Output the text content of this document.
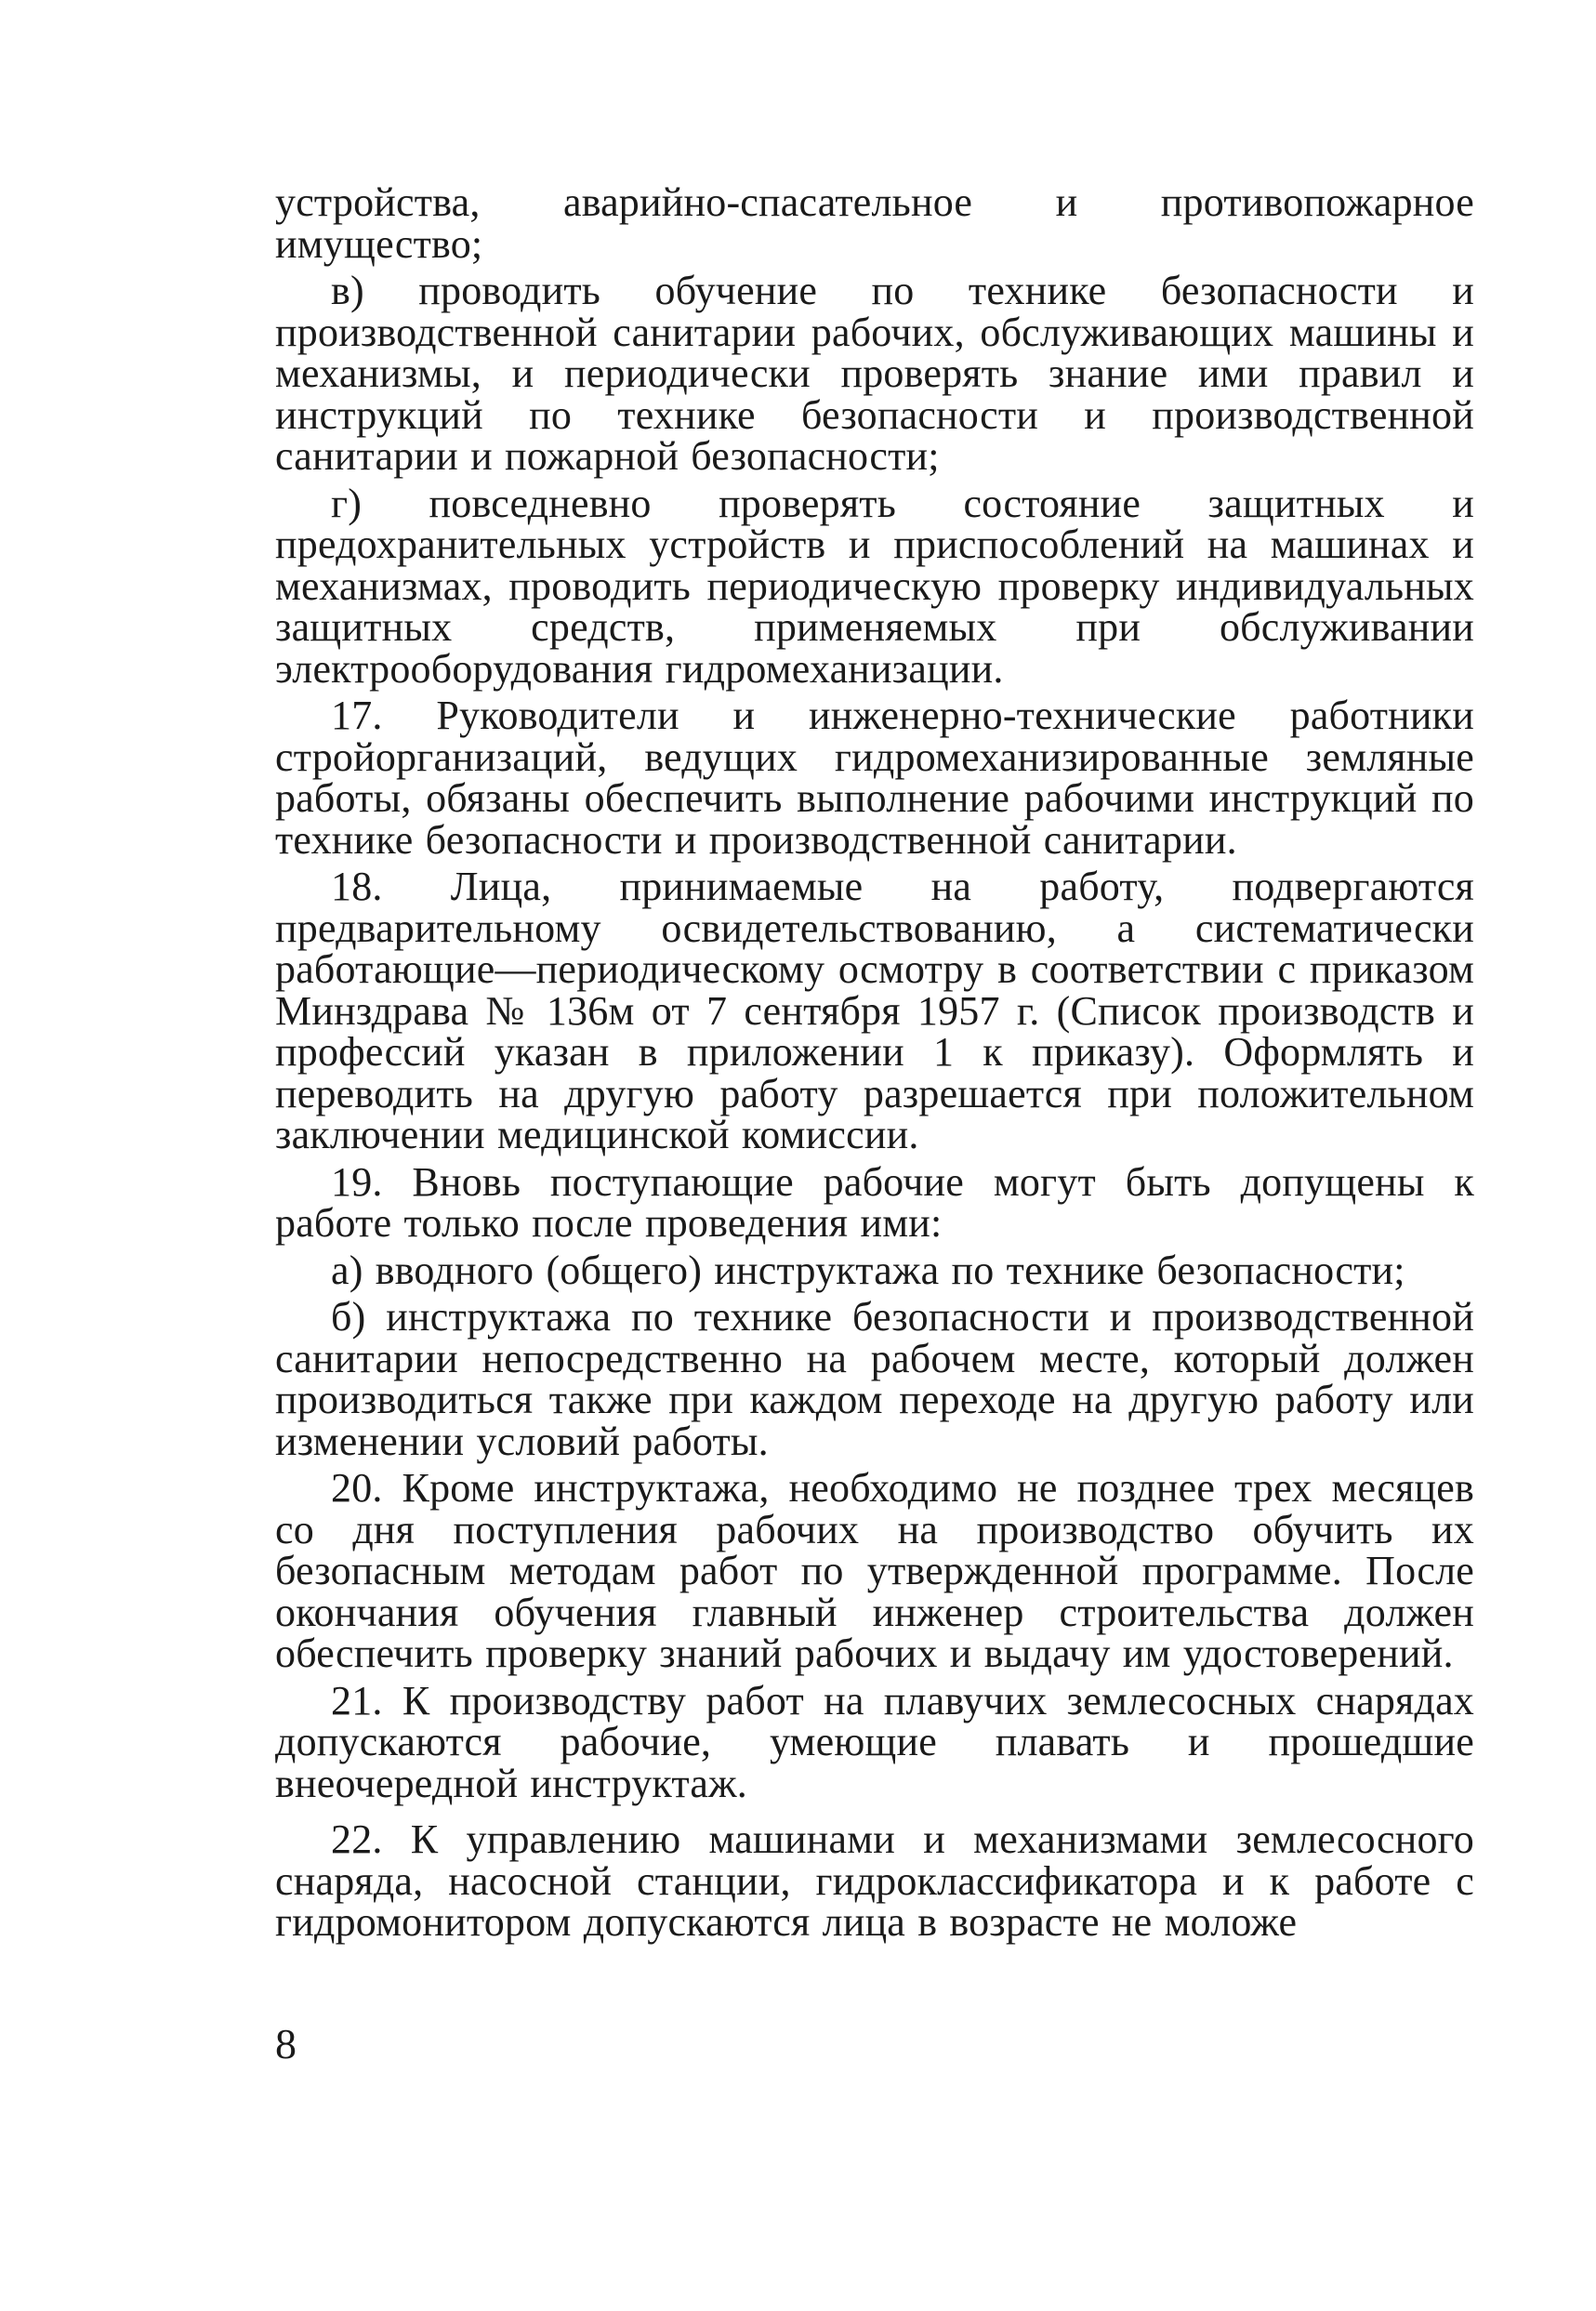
устройства, аварийно-спасательное и противопожарное имущество;

в) проводить обучение по технике безопасности и производственной санитарии рабочих, обслуживающих машины и механизмы, и периодически проверять знание ими правил и инструкций по технике безопасности и производственной санитарии и пожарной безопасности;

г) повседневно проверять состояние защитных и предохранительных устройств и приспособлений на машинах и механизмах, проводить периодическую проверку индивидуальных защитных средств, применяемых при обслуживании электрооборудования гидромеханизации.

17. Руководители и инженерно-технические работники стройорганизаций, ведущих гидромеханизированные земляные работы, обязаны обеспечить выполнение рабочими инструкций по технике безопасности и производственной санитарии.

18. Лица, принимаемые на работу, подвергаются предварительному освидетельствованию, а систематически работающие—периодическому осмотру в соответствии с приказом Минздрава № 136м от 7 сентября 1957 г. (Список производств и профессий указан в приложении 1 к приказу). Оформлять и переводить на другую работу разрешается при положительном заключении медицинской комиссии.

19. Вновь поступающие рабочие могут быть допущены к работе только после проведения ими:

а) вводного (общего) инструктажа по технике безопасности;

б) инструктажа по технике безопасности и производственной санитарии непосредственно на рабочем месте, который должен производиться также при каждом переходе на другую работу или изменении условий работы.

20. Кроме инструктажа, необходимо не позднее трех месяцев со дня поступления рабочих на производство обучить их безопасным методам работ по утвержденной программе. После окончания обучения главный инженер строительства должен обеспечить проверку знаний рабочих и выдачу им удостоверений.

21. К производству работ на плавучих землесосных снарядах допускаются рабочие, умеющие плавать и прошедшие внеочередной инструктаж.

22. К управлению машинами и механизмами землесосного снаряда, насосной станции, гидроклассификатора и к работе с гидромонитором допускаются лица в возрасте не моложе

8
